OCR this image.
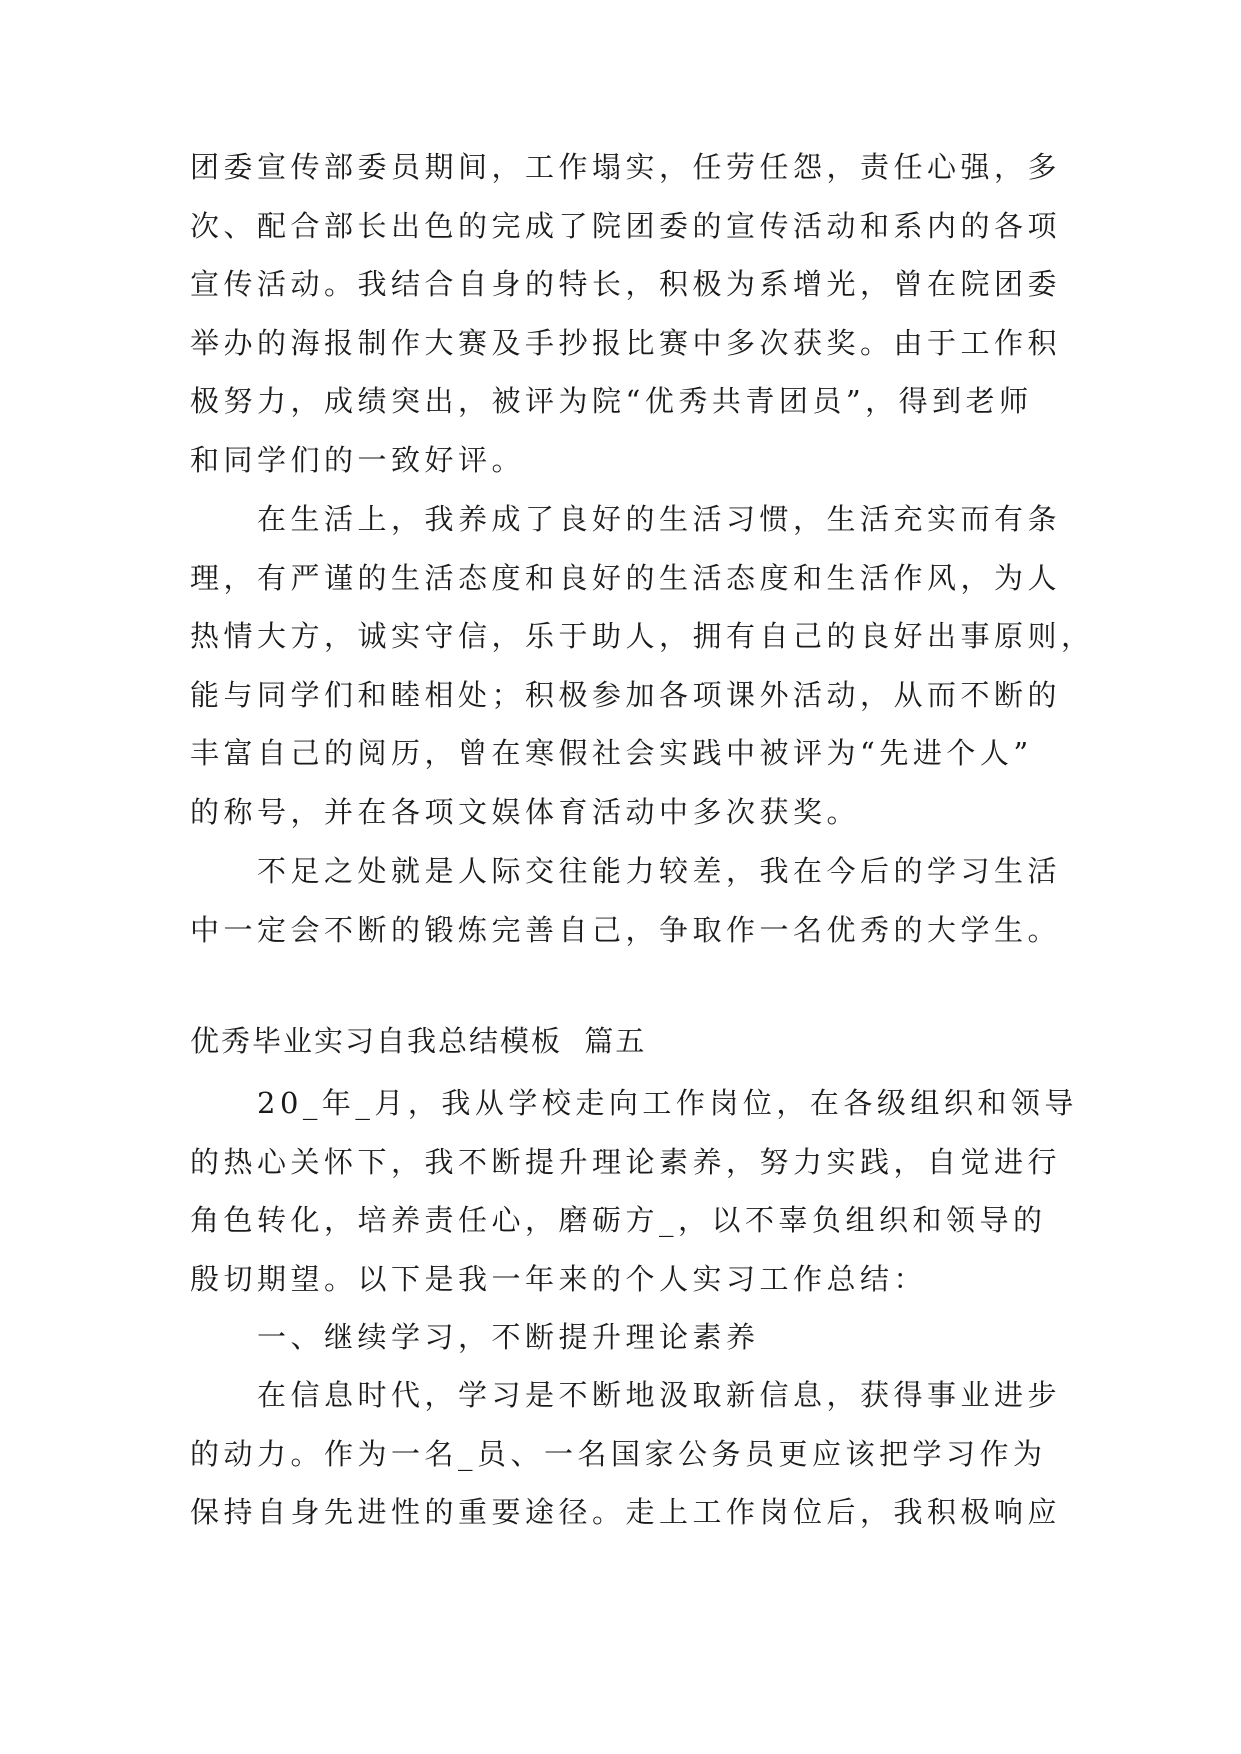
团委宣传部委员期间，工作塌实，任劳任怨，责任心强，多
次、配合部长出色的完成了院团委的宣传活动和系内的各项
宣传活动。我结合自身的特长，积极为系增光，曾在院团委
举办的海报制作大赛及手抄报比赛中多次获奖。由于工作积
极努力，成绩突出，被评为院“优秀共青团员”，得到老师
和同学们的一致好评。

　　在生活上，我养成了良好的生活习惯，生活充实而有条
理，有严谨的生活态度和良好的生活态度和生活作风，为人
热情大方，诚实守信，乐于助人，拥有自己的良好出事原则，
能与同学们和睦相处；积极参加各项课外活动，从而不断的
丰富自己的阅历，曾在寒假社会实践中被评为“先进个人”
的称号，并在各项文娱体育活动中多次获奖。

　　不足之处就是人际交往能力较差，我在今后的学习生活
中一定会不断的锻炼完善自己，争取作一名优秀的大学生。

优秀毕业实习自我总结模板  篇五

　　20_年_月，我从学校走向工作岗位，在各级组织和领导
的热心关怀下，我不断提升理论素养，努力实践，自觉进行
角色转化，培养责任心，磨砺方_，以不辜负组织和领导的
殷切期望。以下是我一年来的个人实习工作总结：

　　一、继续学习，不断提升理论素养

　　在信息时代，学习是不断地汲取新信息，获得事业进步
的动力。作为一名_员、一名国家公务员更应该把学习作为
保持自身先进性的重要途径。走上工作岗位后，我积极响应
